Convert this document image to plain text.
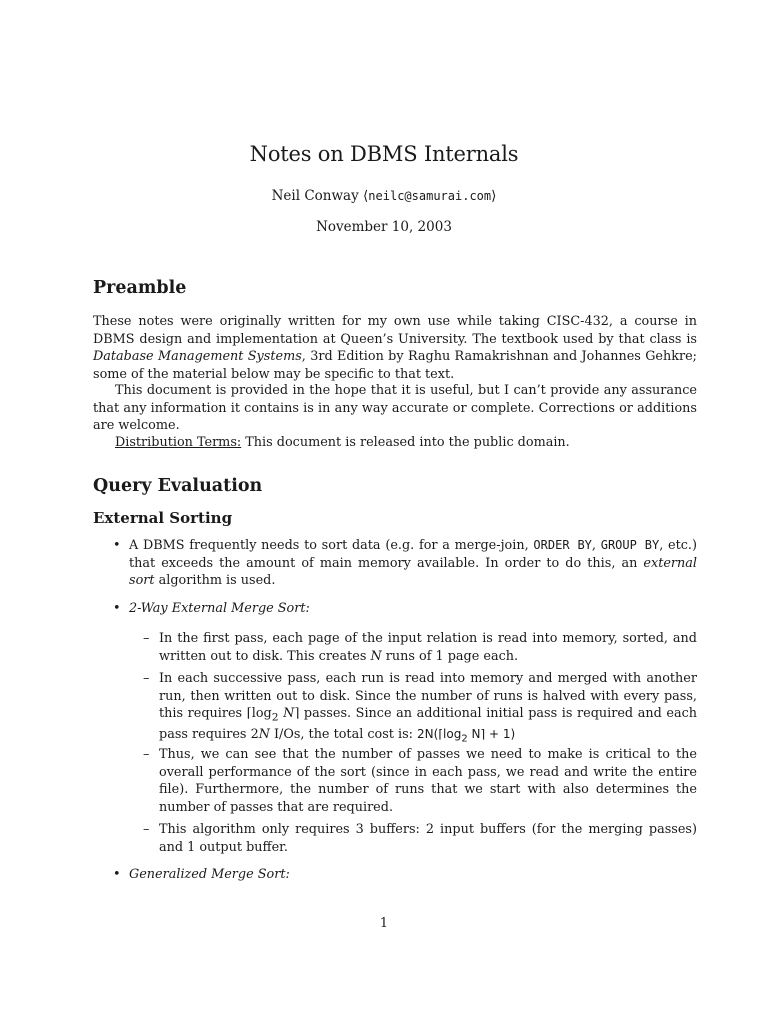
Notes on DBMS Internals
Neil Conway ⟨neilc@samurai.com⟩
November 10, 2003
Preamble

These notes were originally written for my own use while taking CISC-432, a course in DBMS design and implementation at Queen’s University. The textbook used by that class is Database Management Systems, 3rd Edition by Raghu Ramakrishnan and Johannes Gehkre; some of the material below may be specific to that text.

This document is provided in the hope that it is useful, but I can’t provide any assurance that any information it contains is in any way accurate or complete. Corrections or additions are welcome.

Distribution Terms: This document is released into the public domain.

Query Evaluation
External Sorting
• A DBMS frequently needs to sort data (e.g. for a merge-join, ORDER BY, GROUP BY, etc.) that exceeds the amount of main memory available. In order to do this, an external sort algorithm is used.
• 2-Way External Merge Sort:
– In the first pass, each page of the input relation is read into memory, sorted, and written out to disk. This creates N runs of 1 page each.
– In each successive pass, each run is read into memory and merged with another run, then written out to disk. Since the number of runs is halved with every pass, this requires $⌈\log_2$ N⌉ passes. Since an additional initial pass is required and each pass requires 2N I/Os, the total cost is: $2N(⌈\log_2$ N⌉ + 1)
– Thus, we can see that the number of passes we need to make is critical to the overall performance of the sort (since in each pass, we read and write the entire file). Furthermore, the number of runs that we start with also determines the number of passes that are required.
– This algorithm only requires 3 buffers: 2 input buffers (for the merging passes) and 1 output buffer.
• Generalized Merge Sort:
1
